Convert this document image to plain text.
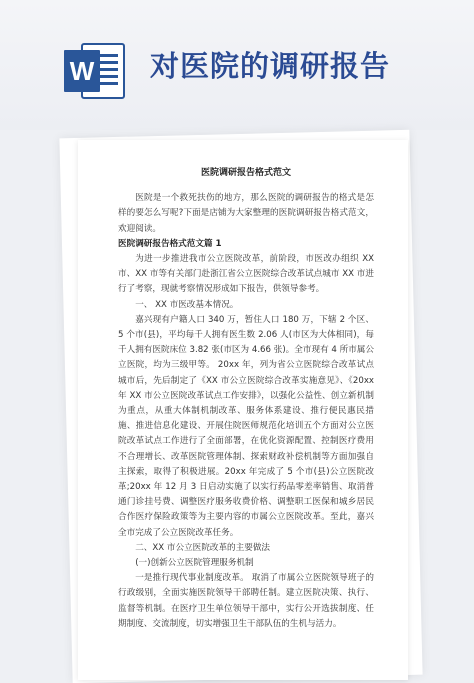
W 对医院的调研报告
医院调研报告格式范文

医院是一个救死扶伤的地方，那么医院的调研报告的格式是怎样的要怎么写呢?下面是店铺为大家整理的医院调研报告格式范文，欢迎阅读。

医院调研报告格式范文篇 1

为进一步推进我市公立医院改革，前阶段，市医改办组织 XX 市、XX 市等有关部门赴浙江省公立医院综合改革试点城市 XX 市进行了考察，现就考察情况形成如下报告，供领导参考。

一、 XX 市医改基本情况。

嘉兴现有户籍人口 340 万，暂住人口 180 万，下辖 2 个区、 5 个市(县)，平均每千人拥有医生数 2.06 人(市区为大体相同)，每千人拥有医院床位 3.82 张(市区为 4.66 张)。全市现有 4 所市属公立医院，均为三级甲等。 20xx 年，列为省公立医院综合改革试点城市后，先后制定了《XX 市公立医院综合改革实施意见》、《20xx 年 XX 市公立医院改革试点工作安排》，以强化公益性、创立新机制为重点，从重大体制机制改革、服务体系建设、推行便民惠民措施、推进信息化建设、开展住院医师规范化培训五个方面对公立医院改革试点工作进行了全面部署，在优化资源配置、控制医疗费用不合理增长、改革医院管理体制、探索财政补偿机制等方面加强自主探索，取得了积极进展。20xx 年完成了 5 个市(县)公立医院改革;20xx 年 12 月 3 日启动实施了以实行药品零差率销售、取消普通门诊挂号费、调整医疗服务收费价格、调整职工医保和城乡居民合作医疗保险政策等为主要内容的市属公立医院改革。至此，嘉兴全市完成了公立医院改革任务。

二、XX 市公立医院改革的主要做法

(一)创新公立医院管理服务机制

一是推行现代事业制度改革。 取消了市属公立医院领导班子的行政级别，全面实施医院领导干部聘任制。建立医院决策、执行、监督等机制。在医疗卫生单位领导干部中，实行公开选拔制度、任期制度、交流制度，切实增强卫生干部队伍的生机与活力。
